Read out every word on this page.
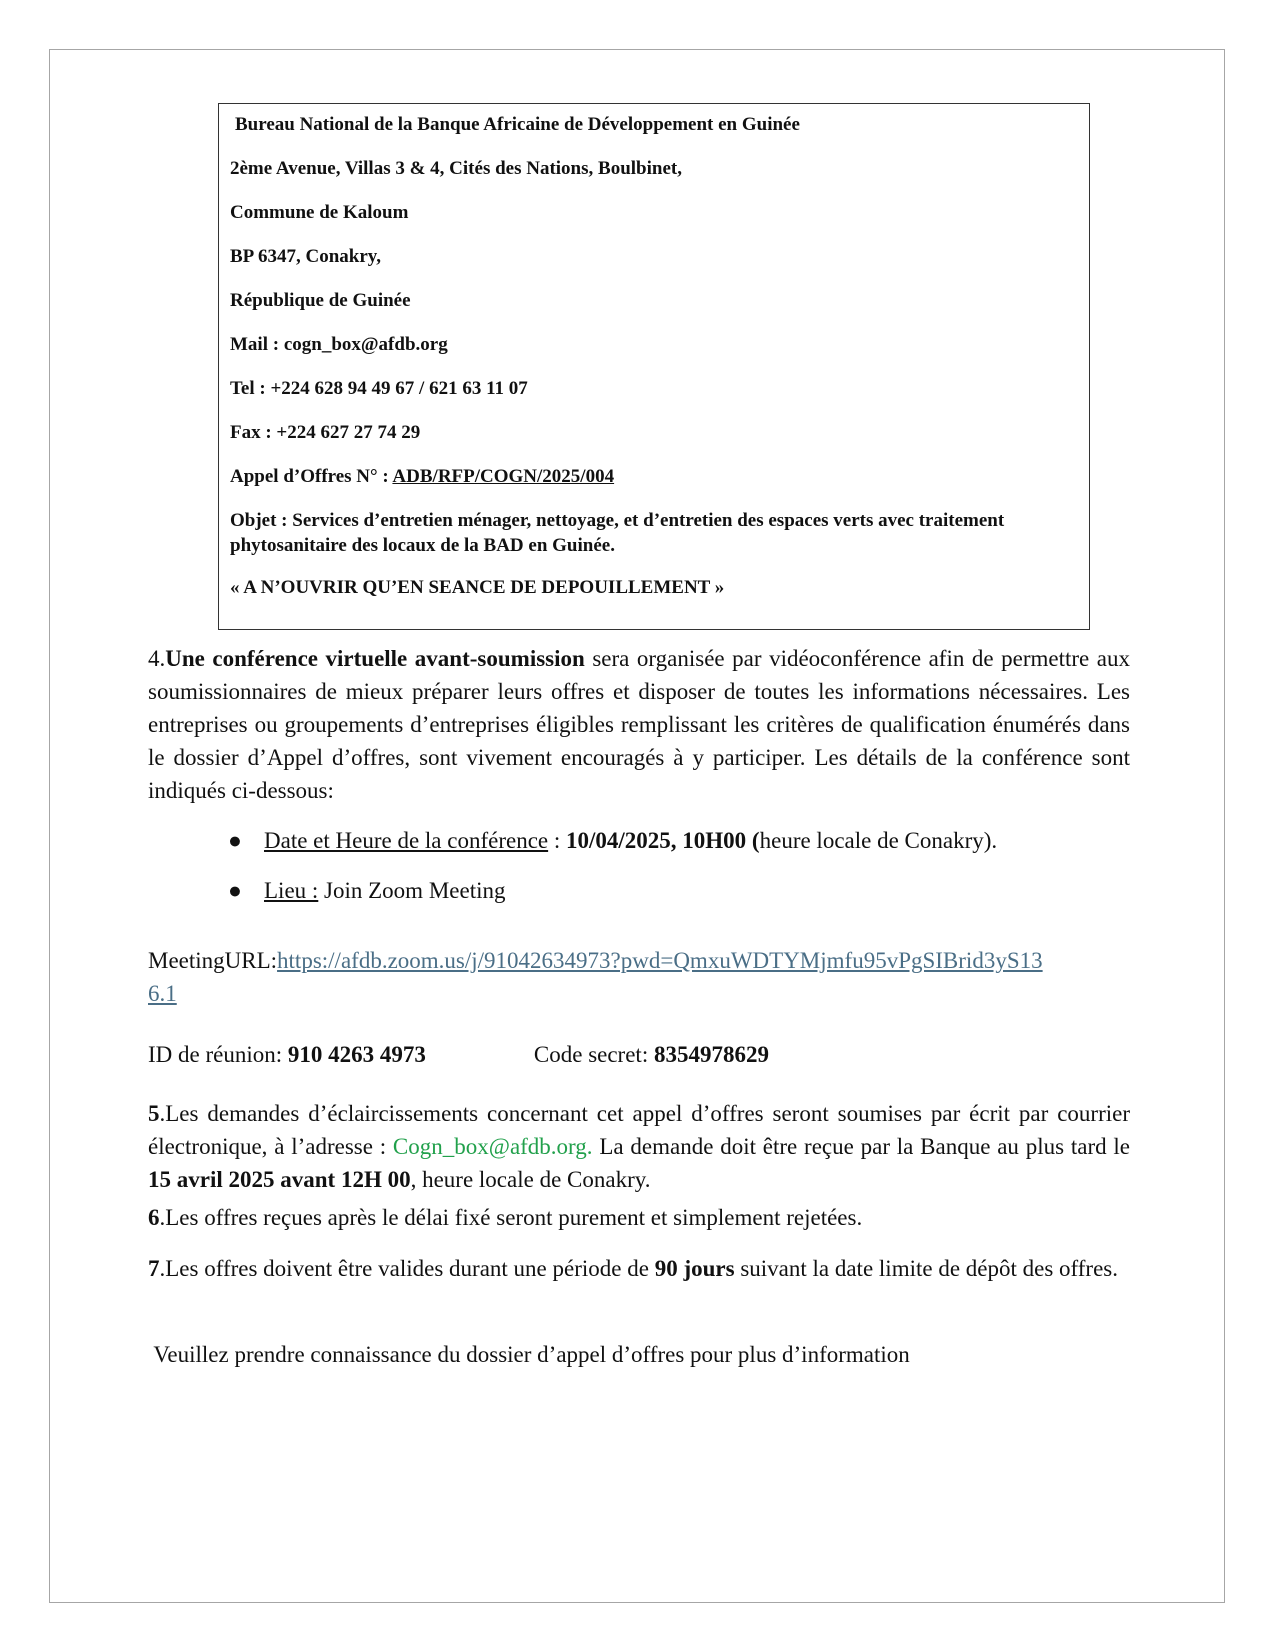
Bureau National de la Banque Africaine de Développement en Guinée
2ème Avenue, Villas 3 & 4, Cités des Nations, Boulbinet,
Commune de Kaloum
BP 6347, Conakry,
République de Guinée
Mail : cogn_box@afdb.org
Tel : +224 628 94 49 67 / 621 63 11 07
Fax : +224 627 27 74 29
Appel d’Offres N° : ADB/RFP/COGN/2025/004
Objet : Services d’entretien ménager, nettoyage, et d’entretien des espaces verts avec traitement
phytosanitaire des locaux de la BAD en Guinée.
« A N’OUVRIR QU’EN SEANCE DE DEPOUILLEMENT »
4.Une conférence virtuelle avant-soumission sera organisée par vidéoconférence afin de permettre aux soumissionnaires de mieux préparer leurs offres et disposer de toutes les informations nécessaires. Les entreprises ou groupements d’entreprises éligibles remplissant les critères de qualification énumérés dans le dossier d’Appel d’offres, sont vivement encouragés à y participer. Les détails de la conférence sont indiqués ci-dessous:
● Date et Heure de la conférence : 10/04/2025, 10H00 (heure locale de Conakry).
● Lieu : Join Zoom Meeting
MeetingURL:https://afdb.zoom.us/j/91042634973?pwd=QmxuWDTYMjmfu95vPgSIBrid3yS13
6.1
ID de réunion: 910 4263 4973	Code secret: 8354978629
5.Les demandes d’éclaircissements concernant cet appel d’offres seront soumises par écrit par courrier électronique, à l’adresse : Cogn_box@afdb.org. La demande doit être reçue par la Banque au plus tard le 15 avril 2025 avant 12H 00, heure locale de Conakry.
6.Les offres reçues après le délai fixé seront purement et simplement rejetées.
7.Les offres doivent être valides durant une période de 90 jours suivant la date limite de dépôt des offres.
Veuillez prendre connaissance du dossier d’appel d’offres pour plus d’information
